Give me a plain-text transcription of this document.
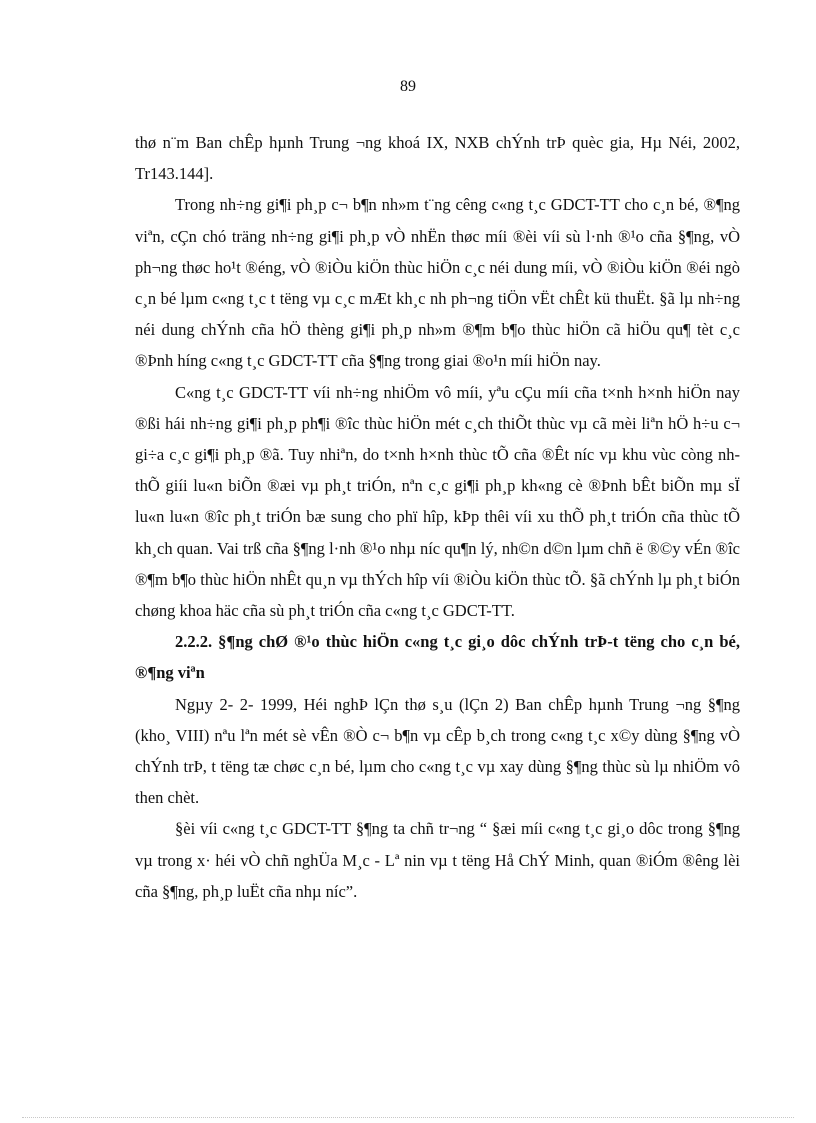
89

thø n¨m Ban chÊp hµnh Trung ¬ng khoá IX, NXB chÝnh trÞ quèc gia, Hµ Néi, 2002, Tr143.144].

Trong nh÷ng gi¶i ph¸p c¬ b¶n nh»m t¨ng cêng c«ng t¸c GDCT-TT cho c¸n bé, ®¶ng viªn, cÇn chó träng nh÷ng gi¶i ph¸p vÒ nhËn thøc míi ®èi víi sù l·nh ®¹o cña §¶ng, vÒ ph¬ng thøc ho¹t ®éng, vÒ ®iÒu kiÖn thùc hiÖn c¸c néi dung míi, vÒ ®iÒu kiÖn ®éi ngò c¸n bé lµm c«ng t¸c t tëng vµ c¸c mÆt kh¸c nh ph¬ng tiÖn vËt chÊt kü thuËt. §ã lµ nh÷ng néi dung chÝnh cña hÖ thèng gi¶i ph¸p nh»m ®¶m b¶o thùc hiÖn cã hiÖu qu¶ tèt c¸c ®Þnh híng c«ng t¸c GDCT-TT cña §¶ng trong giai ®o¹n míi hiÖn nay.

C«ng t¸c GDCT-TT víi nh÷ng nhiÖm vô míi, yªu cÇu míi cña t×nh h×nh hiÖn nay ®ßi hái nh÷ng gi¶i ph¸p ph¶i ®îc thùc hiÖn mét c¸ch thiÕt thùc vµ cã mèi liªn hÖ h÷u c¬ gi÷a c¸c gi¶i ph¸p ®ã. Tuy nhiªn, do t×nh h×nh thùc tÕ cña ®Êt níc vµ khu vùc còng nh thÕ giíi lu«n biÕn ®æi vµ ph¸t triÓn, nªn c¸c gi¶i ph¸p kh«ng cè ®Þnh bÊt biÕn mµ sÏ lu«n lu«n ®îc ph¸t triÓn bæ sung cho phï hîp, kÞp thêi víi xu thÕ ph¸t triÓn cña thùc tÕ kh¸ch quan. Vai trß cña §¶ng l·nh ®¹o nhµ níc qu¶n lý, nh©n d©n lµm chñ ë ®©y vÉn ®îc ®¶m b¶o thùc hiÖn nhÊt qu¸n vµ thÝch hîp víi ®iÒu kiÖn thùc tÕ. §ã chÝnh lµ ph¸t biÓn chøng khoa häc cña sù ph¸t triÓn cña c«ng t¸c GDCT-TT.

2.2.2. §¶ng chØ ®¹o thùc hiÖn c«ng t¸c gi¸o dôc chÝnh trÞ-t tëng cho c¸n bé, ®¶ng viªn

Ngµy 2- 2- 1999, Héi nghÞ lÇn thø s¸u (lÇn 2) Ban chÊp hµnh Trung ¬ng §¶ng (kho¸ VIII) nªu lªn mét sè vÊn ®Ò c¬ b¶n vµ cÊp b¸ch trong c«ng t¸c x©y dùng §¶ng vÒ chÝnh trÞ, t tëng tæ chøc c¸n bé, lµm cho c«ng t¸c vµ xay dùng §¶ng thùc sù lµ nhiÖm vô then chèt.

§èi víi c«ng t¸c GDCT-TT §¶ng ta chñ tr¬ng “ §æi míi c«ng t¸c gi¸o dôc trong §¶ng vµ trong x· héi vÒ chñ nghÜa M¸c - Lª nin vµ t tëng Hå ChÝ Minh, quan ®iÓm ®êng lèi cña §¶ng, ph¸p luËt cña nhµ níc”.
